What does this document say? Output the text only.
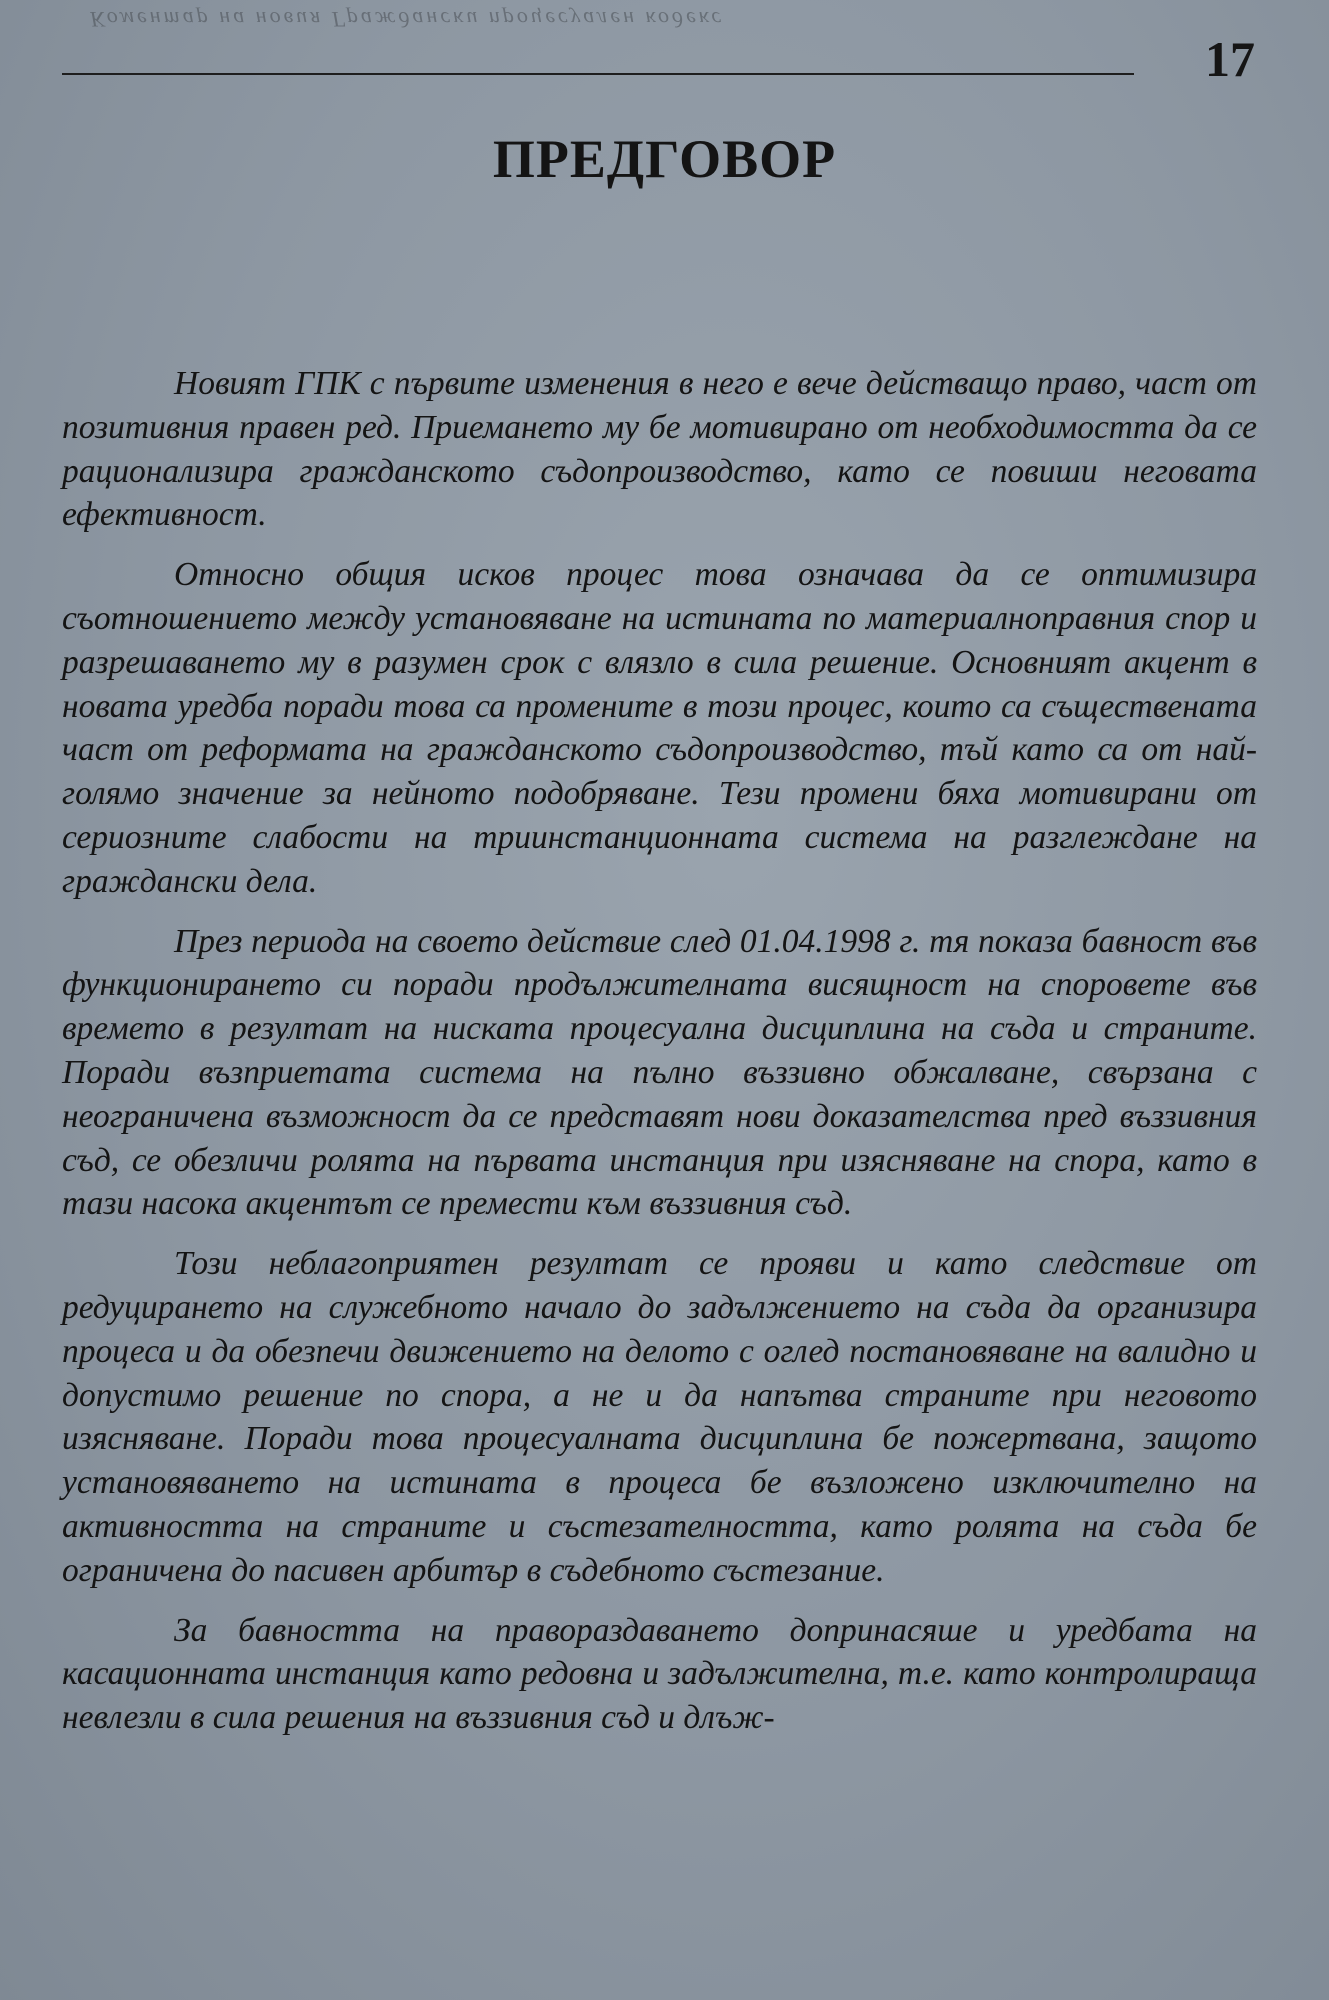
Коментар на новия Граждански процесуален кодекс
17
ПРЕДГОВОР

Новият ГПК с първите изменения в него е вече действащо право, част от позитивния правен ред. Приемането му бе мотивирано от необходимостта да се рационализира гражданското съдопроизводство, като се повиши неговата ефективност.

Относно общия исков процес това означава да се оптимизира съотношението между установяване на истината по материалноправния спор и разрешаването му в разумен срок с влязло в сила решение. Основният акцент в новата уредба поради това са промените в този процес, които са съществената част от реформата на гражданското съдопроизводство, тъй като са от най-голямо значение за нейното подобряване. Тези промени бяха мотивирани от сериозните слабости на триинстанционната система на разглеждане на граждански дела.

През периода на своето действие след 01.04.1998 г. тя показа бавност във функционирането си поради продължителната висящност на споровете във времето в резултат на ниската процесуална дисциплина на съда и страните. Поради възприетата система на пълно въззивно обжалване, свързана с неограничена възможност да се представят нови доказателства пред въззивния съд, се обезличи ролята на първата инстанция при изясняване на спора, като в тази насока акцентът се премести към въззивния съд.

Този неблагоприятен резултат се прояви и като следствие от редуцирането на служебното начало до задължението на съда да организира процеса и да обезпечи движението на делото с оглед постановяване на валидно и допустимо решение по спора, а не и да напътва страните при неговото изясняване. Поради това процесуалната дисциплина бе пожертвана, защото установяването на истината в процеса бе възложено изключително на активността на страните и състезателността, като ролята на съда бе ограничена до пасивен арбитър в съдебното състезание.

За бавността на правораздаването допринасяше и уредбата на касационната инстанция като редовна и задължителна, т.е. като контролираща невлезли в сила решения на въззивния съд и длъж-
